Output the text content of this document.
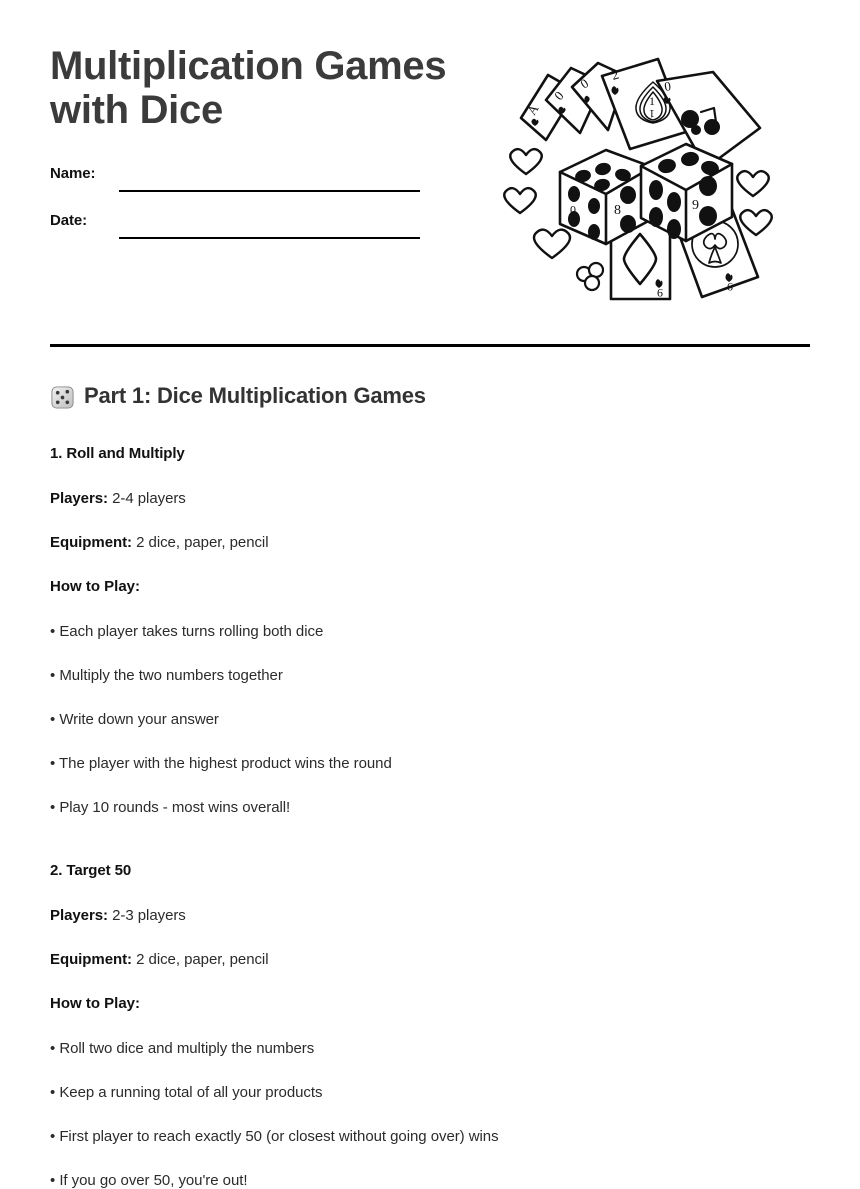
Multiplication Games with Dice
Name:
Date:
A
0
0 2
1
1
0
9	9
0	8	9
Part 1: Dice Multiplication Games

1. Roll and Multiply

Players: 2-4 players

Equipment: 2 dice, paper, pencil

How to Play:

• Each player takes turns rolling both dice

• Multiply the two numbers together

• Write down your answer

• The player with the highest product wins the round

• Play 10 rounds - most wins overall!

2. Target 50

Players: 2-3 players

Equipment: 2 dice, paper, pencil

How to Play:

• Roll two dice and multiply the numbers

• Keep a running total of all your products

• First player to reach exactly 50 (or closest without going over) wins

• If you go over 50, you're out!
